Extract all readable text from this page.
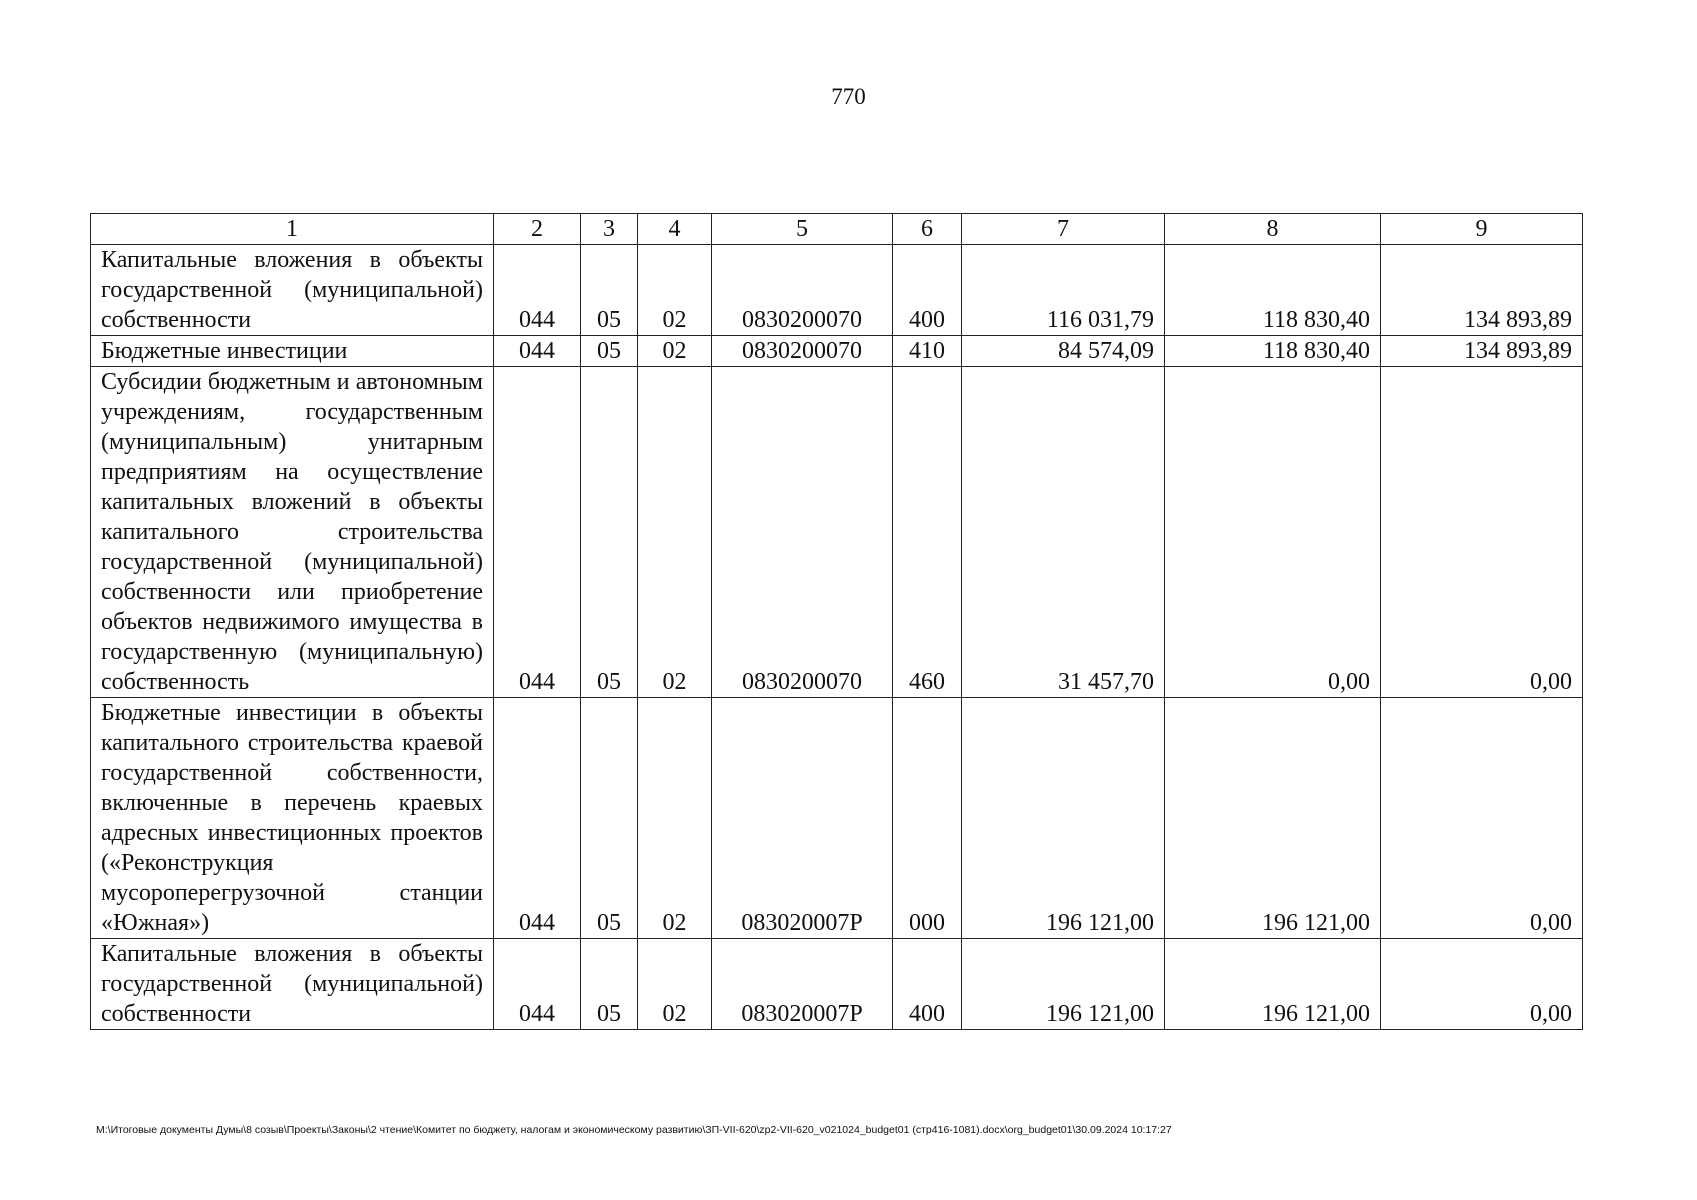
770
1	2	3	4	5	6	7	8	9
Капитальные вложения в объекты государственной (муниципальной) собственности	044	05	02	0830200070	400	116 031,79	118 830,40	134 893,89
Бюджетные инвестиции	044	05	02	0830200070	410	84 574,09	118 830,40	134 893,89
Субсидии бюджетным и автономным учреждениям, государственным (муниципальным) унитарным предприятиям на осуществление капитальных вложений в объекты капитального строительства государственной (муниципальной) собственности или приобретение объектов недвижимого имущества в государственную (муниципальную) собственность	044	05	02	0830200070	460	31 457,70	0,00	0,00
Бюджетные инвестиции в объекты капитального строительства краевой государственной собственности, включенные в перечень краевых адресных инвестиционных проектов («Реконструкция мусороперегрузочной станции «Южная»)	044	05	02	083020007Р	000	196 121,00	196 121,00	0,00
Капитальные вложения в объекты государственной (муниципальной) собственности	044	05	02	083020007Р	400	196 121,00	196 121,00	0,00
M:\Итоговые документы Думы\8 созыв\Проекты\Законы\2 чтение\Комитет по бюджету, налогам и экономическому развитию\ЗП-VII-620\zp2-VII-620_v021024_budget01 (стр416-1081).docx\org_budget01\30.09.2024 10:17:27
